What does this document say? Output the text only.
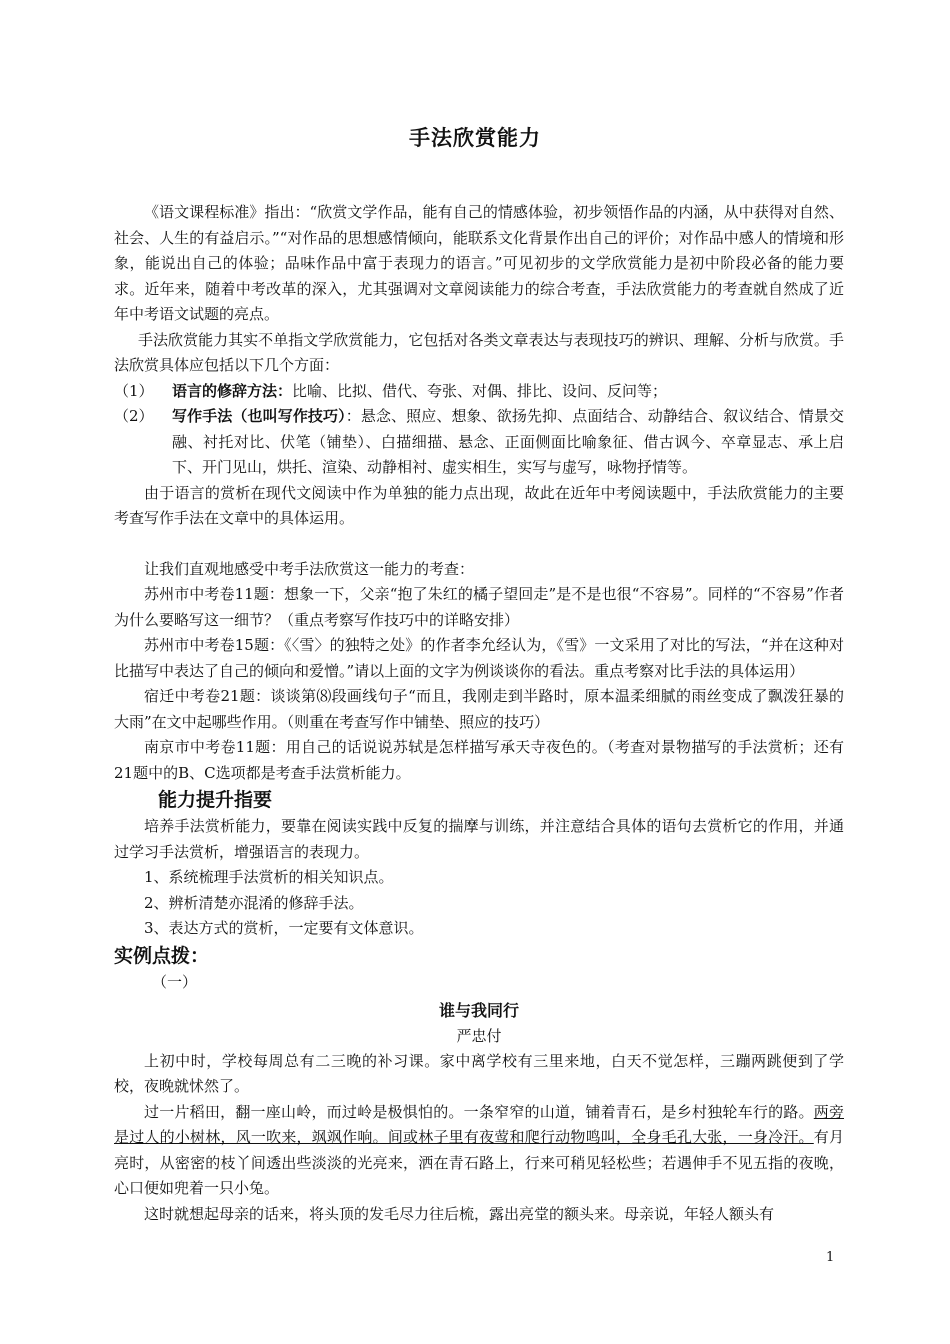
手法欣赏能力

《语文课程标准》指出：“欣赏文学作品，能有自己的情感体验，初步领悟作品的内涵，从中获得对自然、社会、人生的有益启示。”“对作品的思想感情倾向，能联系文化背景作出自己的评价；对作品中感人的情境和形象，能说出自己的体验；品味作品中富于表现力的语言。”可见初步的文学欣赏能力是初中阶段必备的能力要求。近年来，随着中考改革的深入，尤其强调对文章阅读能力的综合考查，手法欣赏能力的考查就自然成了近年中考语文试题的亮点。

手法欣赏能力其实不单指文学欣赏能力，它包括对各类文章表达与表现技巧的辨识、理解、分析与欣赏。手法欣赏具体应包括以下几个方面：

（1） 语言的修辞方法：比喻、比拟、借代、夸张、对偶、排比、设问、反问等；
（2） 写作手法（也叫写作技巧）：悬念、照应、想象、欲扬先抑、点面结合、动静结合、叙议结合、情景交融、衬托对比、伏笔（铺垫）、白描细描、悬念、正面侧面比喻象征、借古讽今、卒章显志、承上启下、开门见山，烘托、渲染、动静相衬、虚实相生，实写与虚写，咏物抒情等。

由于语言的赏析在现代文阅读中作为单独的能力点出现，故此在近年中考阅读题中，手法欣赏能力的主要考查写作手法在文章中的具体运用。

让我们直观地感受中考手法欣赏这一能力的考查：

苏州市中考卷11题：想象一下，父亲“抱了朱红的橘子望回走”是不是也很“不容易”。同样的“不容易”作者为什么要略写这一细节？（重点考察写作技巧中的详略安排）

苏州市中考卷15题：《〈雪〉的独特之处》的作者李允经认为，《雪》一文采用了对比的写法，“并在这种对比描写中表达了自己的倾向和爱憎。”请以上面的文字为例谈谈你的看法。重点考察对比手法的具体运用）

宿迁中考卷21题：谈谈第⑻段画线句子“而且，我刚走到半路时，原本温柔细腻的雨丝变成了飘泼狂暴的大雨”在文中起哪些作用。（则重在考查写作中铺垫、照应的技巧）

南京市中考卷11题：用自己的话说说苏轼是怎样描写承天寺夜色的。（考查对景物描写的手法赏析；还有21题中的B、C选项都是考查手法赏析能力。

能力提升指要

培养手法赏析能力，要靠在阅读实践中反复的揣摩与训练，并注意结合具体的语句去赏析它的作用，并通过学习手法赏析，增强语言的表现力。

1、系统梳理手法赏析的相关知识点。

2、辨析清楚亦混淆的修辞手法。

3、表达方式的赏析，一定要有文体意识。

实例点拨：
（一）
谁与我同行
严忠付

上初中时，学校每周总有二三晚的补习课。家中离学校有三里来地，白天不觉怎样，三蹦两跳便到了学校，夜晚就怵然了。

过一片稻田，翻一座山岭，而过岭是极惧怕的。一条窄窄的山道，铺着青石，是乡村独轮车行的路。两旁是过人的小树林，风一吹来，飒飒作响。间或林子里有夜莺和爬行动物鸣叫，全身毛孔大张，一身冷汗。有月亮时，从密密的枝丫间透出些淡淡的光亮来，洒在青石路上，行来可稍见轻松些；若遇伸手不见五指的夜晚，心口便如兜着一只小兔。

这时就想起母亲的话来，将头顶的发毛尽力往后梳，露出亮堂的额头来。母亲说，年轻人额头有

1
